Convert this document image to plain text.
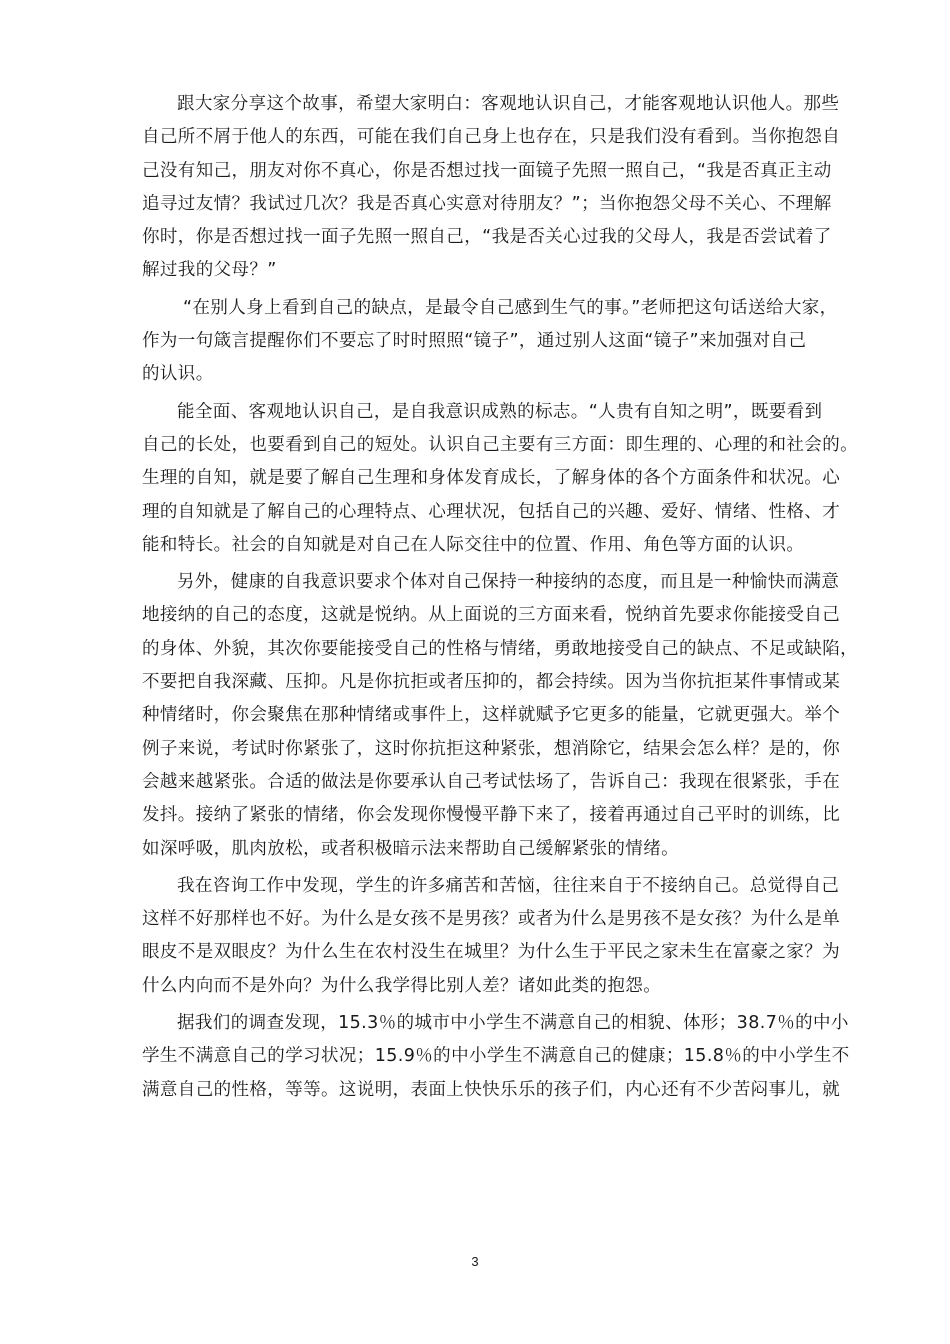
跟大家分享这个故事，希望大家明白：客观地认识自己，才能客观地认识他人。那些
自己所不屑于他人的东西，可能在我们自己身上也存在，只是我们没有看到。当你抱怨自
己没有知己，朋友对你不真心，你是否想过找一面镜子先照一照自己，“我是否真正主动
追寻过友情？我试过几次？我是否真心实意对待朋友？”；当你抱怨父母不关心、不理解
你时，你是否想过找一面子先照一照自己，“我是否关心过我的父母人，我是否尝试着了
解过我的父母？”
“在别人身上看到自己的缺点，是最令自己感到生气的事。”老师把这句话送给大家，
作为一句箴言提醒你们不要忘了时时照照“镜子”，通过别人这面“镜子”来加强对自己
的认识。
能全面、客观地认识自己，是自我意识成熟的标志。“人贵有自知之明”，既要看到
自己的长处，也要看到自己的短处。认识自己主要有三方面：即生理的、心理的和社会的。
生理的自知，就是要了解自己生理和身体发育成长，了解身体的各个方面条件和状况。心
理的自知就是了解自己的心理特点、心理状况，包括自己的兴趣、爱好、情绪、性格、才
能和特长。社会的自知就是对自己在人际交往中的位置、作用、角色等方面的认识。
另外，健康的自我意识要求个体对自己保持一种接纳的态度，而且是一种愉快而满意
地接纳的自己的态度，这就是悦纳。从上面说的三方面来看，悦纳首先要求你能接受自己
的身体、外貌，其次你要能接受自己的性格与情绪，勇敢地接受自己的缺点、不足或缺陷，
不要把自我深藏、压抑。凡是你抗拒或者压抑的，都会持续。因为当你抗拒某件事情或某
种情绪时，你会聚焦在那种情绪或事件上，这样就赋予它更多的能量，它就更强大。举个
例子来说，考试时你紧张了，这时你抗拒这种紧张，想消除它，结果会怎么样？是的，你
会越来越紧张。合适的做法是你要承认自己考试怯场了，告诉自己：我现在很紧张，手在
发抖。接纳了紧张的情绪，你会发现你慢慢平静下来了，接着再通过自己平时的训练，比
如深呼吸，肌肉放松，或者积极暗示法来帮助自己缓解紧张的情绪。
我在咨询工作中发现，学生的许多痛苦和苦恼，往往来自于不接纳自己。总觉得自己
这样不好那样也不好。为什么是女孩不是男孩？或者为什么是男孩不是女孩？为什么是单
眼皮不是双眼皮？为什么生在农村没生在城里？为什么生于平民之家未生在富豪之家？为
什么内向而不是外向？为什么我学得比别人差？诸如此类的抱怨。
据我们的调查发现，15.3％的城市中小学生不满意自己的相貌、体形；38.7％的中小
学生不满意自己的学习状况；15.9％的中小学生不满意自己的健康；15.8％的中小学生不
满意自己的性格，等等。这说明，表面上快快乐乐的孩子们，内心还有不少苦闷事儿，就
3
